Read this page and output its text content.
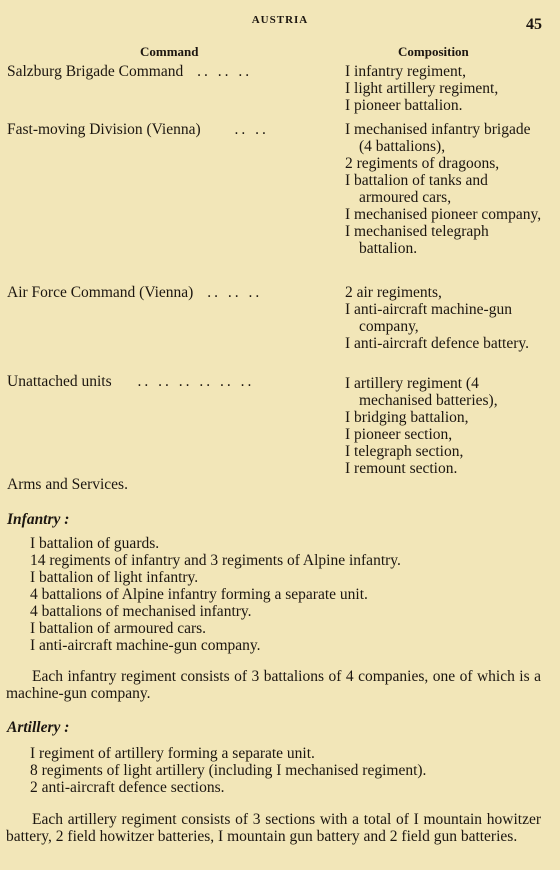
AUSTRIA	45
Command	Composition
Salzburg Brigade Command .. .. ..	I infantry regiment,
I light artillery regiment,
I pioneer battalion.
Fast-moving Division (Vienna) .. ..	I mechanised infantry brigade (4 battalions),
2 regiments of dragoons,
I battalion of tanks and armoured cars,
I mechanised pioneer company,
I mechanised telegraph battalion.
Air Force Command (Vienna) .. .. ..	2 air regiments,
I anti-aircraft machine-gun company,
I anti-aircraft defence battery.
Unattached units .. .. .. .. .. ..	I artillery regiment (4 mechanised batteries),
I bridging battalion,
I pioneer section,
I telegraph section,
I remount section.
Arms and Services.
Infantry :
I battalion of guards.
14 regiments of infantry and 3 regiments of Alpine infantry.
I battalion of light infantry.
4 battalions of Alpine infantry forming a separate unit.
4 battalions of mechanised infantry.
I battalion of armoured cars.
I anti-aircraft machine-gun company.
Each infantry regiment consists of 3 battalions of 4 companies, one of which is a machine-gun company.
Artillery :
I regiment of artillery forming a separate unit.
8 regiments of light artillery (including I mechanised regiment).
2 anti-aircraft defence sections.
Each artillery regiment consists of 3 sections with a total of I mountain howitzer battery, 2 field howitzer batteries, I mountain gun battery and 2 field gun batteries.
